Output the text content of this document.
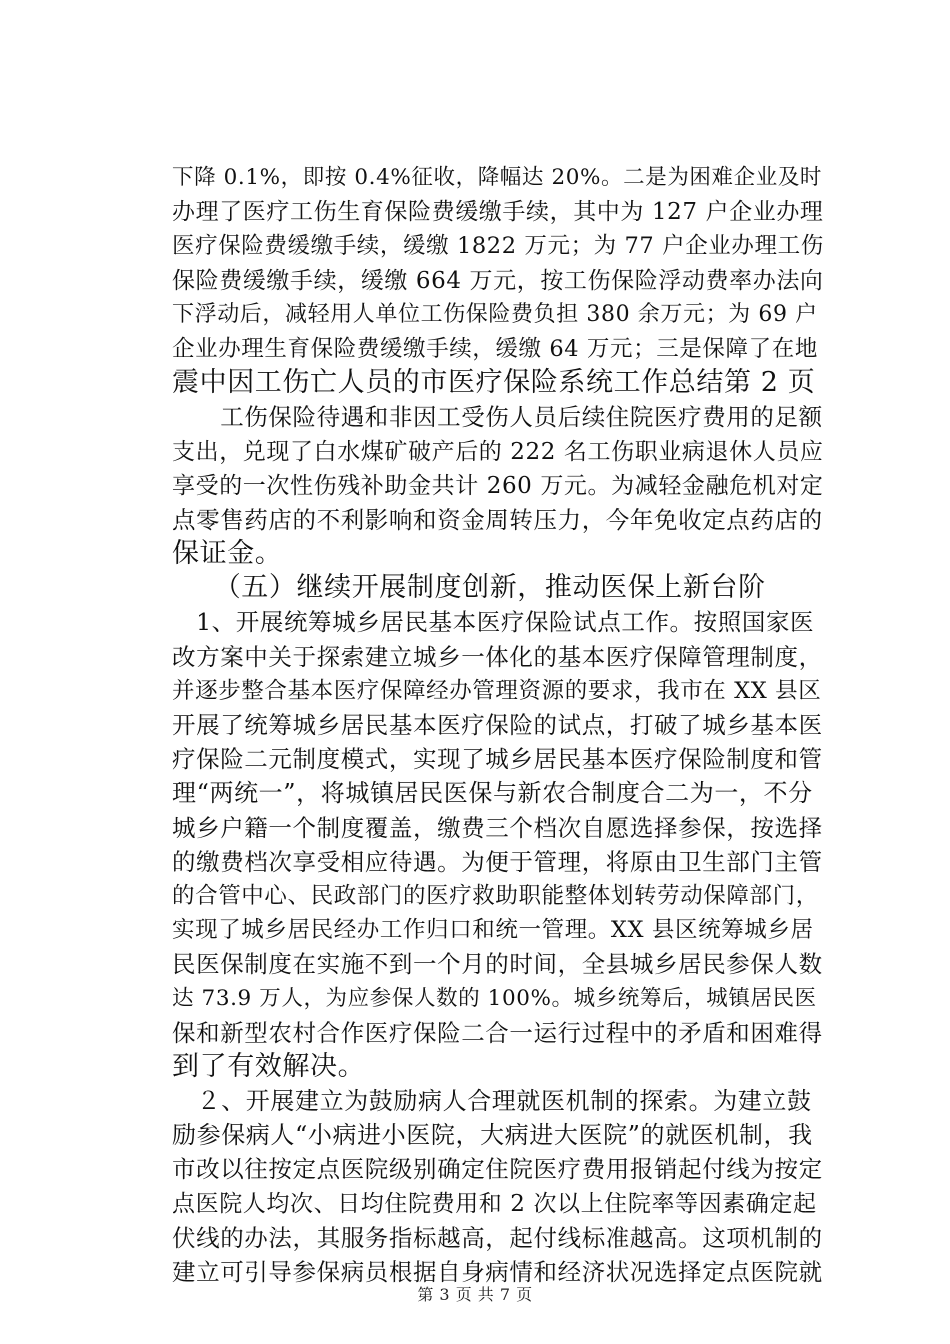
下降 0.1%，即按 0.4%征收，降幅达 20%。二是为困难企业及时
办理了医疗工伤生育保险费缓缴手续，其中为 127 户企业办理
医疗保险费缓缴手续，缓缴 1822 万元；为 77 户企业办理工伤
保险费缓缴手续，缓缴 664 万元，按工伤保险浮动费率办法向
下浮动后，减轻用人单位工伤保险费负担 380 余万元；为 69 户
企业办理生育保险费缓缴手续，缓缴 64 万元；三是保障了在地
震中因工伤亡人员的市医疗保险系统工作总结第 2 页
　　工伤保险待遇和非因工受伤人员后续住院医疗费用的足额
支出，兑现了白水煤矿破产后的 222 名工伤职业病退休人员应
享受的一次性伤残补助金共计 260 万元。为减轻金融危机对定
点零售药店的不利影响和资金周转压力，今年免收定点药店的
保证金。
　　（五）继续开展制度创新，推动医保上新台阶
　1、开展统筹城乡居民基本医疗保险试点工作。按照国家医
改方案中关于探索建立城乡一体化的基本医疗保障管理制度，
并逐步整合基本医疗保障经办管理资源的要求，我市在 XX 县区
开展了统筹城乡居民基本医疗保险的试点，打破了城乡基本医
疗保险二元制度模式，实现了城乡居民基本医疗保险制度和管
理“两统一”，将城镇居民医保与新农合制度合二为一，不分
城乡户籍一个制度覆盖，缴费三个档次自愿选择参保，按选择
的缴费档次享受相应待遇。为便于管理，将原由卫生部门主管
的合管中心、民政部门的医疗救助职能整体划转劳动保障部门，
实现了城乡居民经办工作归口和统一管理。XX 县区统筹城乡居
民医保制度在实施不到一个月的时间，全县城乡居民参保人数
达 73.9 万人，为应参保人数的 100%。城乡统筹后，城镇居民医
保和新型农村合作医疗保险二合一运行过程中的矛盾和困难得
到了有效解决。
　２、开展建立为鼓励病人合理就医机制的探索。为建立鼓
励参保病人“小病进小医院，大病进大医院”的就医机制，我
市改以往按定点医院级别确定住院医疗费用报销起付线为按定
点医院人均次、日均住院费用和 2 次以上住院率等因素确定起
伏线的办法，其服务指标越高，起付线标准越高。这项机制的
建立可引导参保病员根据自身病情和经济状况选择定点医院就
第 3 页 共 7 页
